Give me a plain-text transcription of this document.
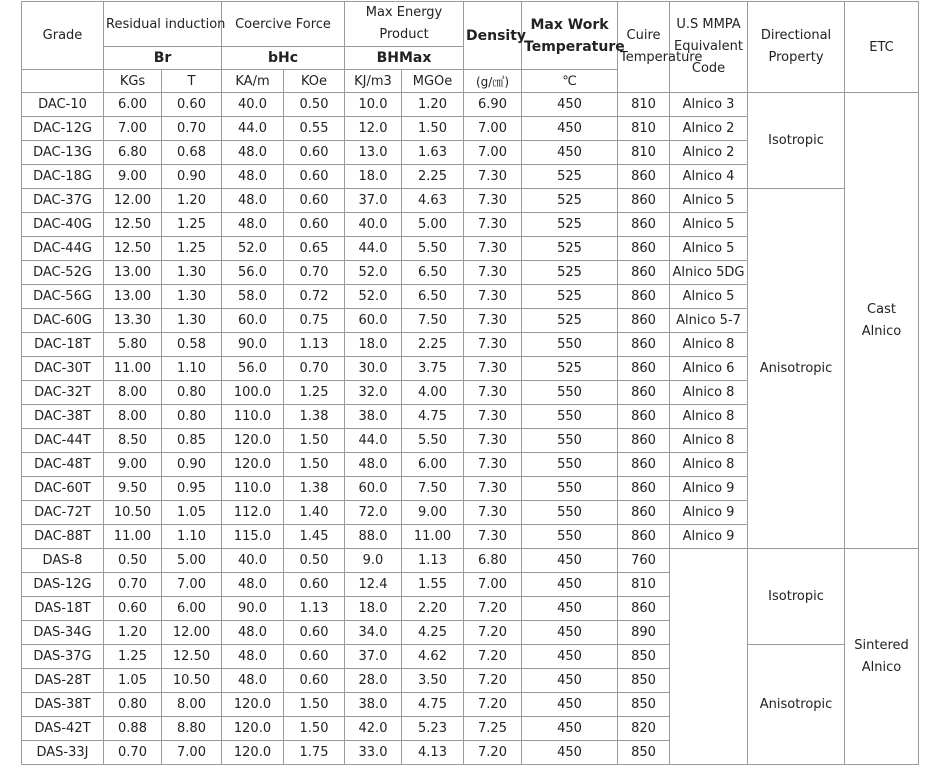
Grade	Residual induction		Coercive Force		Max Energy Product		Density	Max Work Temperature	Cuire Temperature	U.S MMPA Equivalent Code	Directional Property	ETC
	Br		bHc		BHMax							
	KGs	T	KA/m	KOe	KJ/m3	MGOe	(g/㎤)	℃				
DAC-10	6.00	0.60	40.0	0.50	10.0	1.20	6.90	450	810	Alnico 3	Isotropic	Cast Alnico
DAC-12G	7.00	0.70	44.0	0.55	12.0	1.50	7.00	450	810	Alnico 2		
DAC-13G	6.80	0.68	48.0	0.60	13.0	1.63	7.00	450	810	Alnico 2		
DAC-18G	9.00	0.90	48.0	0.60	18.0	2.25	7.30	525	860	Alnico 4		
DAC-37G	12.00	1.20	48.0	0.60	37.0	4.63	7.30	525	860	Alnico 5	Anisotropic	
DAC-40G	12.50	1.25	48.0	0.60	40.0	5.00	7.30	525	860	Alnico 5		
DAC-44G	12.50	1.25	52.0	0.65	44.0	5.50	7.30	525	860	Alnico 5		
DAC-52G	13.00	1.30	56.0	0.70	52.0	6.50	7.30	525	860	Alnico 5DG		
DAC-56G	13.00	1.30	58.0	0.72	52.0	6.50	7.30	525	860	Alnico 5		
DAC-60G	13.30	1.30	60.0	0.75	60.0	7.50	7.30	525	860	Alnico 5-7		
DAC-18T	5.80	0.58	90.0	1.13	18.0	2.25	7.30	550	860	Alnico 8		
DAC-30T	11.00	1.10	56.0	0.70	30.0	3.75	7.30	525	860	Alnico 6		
DAC-32T	8.00	0.80	100.0	1.25	32.0	4.00	7.30	550	860	Alnico 8		
DAC-38T	8.00	0.80	110.0	1.38	38.0	4.75	7.30	550	860	Alnico 8		
DAC-44T	8.50	0.85	120.0	1.50	44.0	5.50	7.30	550	860	Alnico 8		
DAC-48T	9.00	0.90	120.0	1.50	48.0	6.00	7.30	550	860	Alnico 8		
DAC-60T	9.50	0.95	110.0	1.38	60.0	7.50	7.30	550	860	Alnico 9		
DAC-72T	10.50	1.05	112.0	1.40	72.0	9.00	7.30	550	860	Alnico 9		
DAC-88T	11.00	1.10	115.0	1.45	88.0	11.00	7.30	550	860	Alnico 9		
DAS-8	0.50	5.00	40.0	0.50	9.0	1.13	6.80	450	760		Isotropic	Sintered Alnico
DAS-12G	0.70	7.00	48.0	0.60	12.4	1.55	7.00	450	810			
DAS-18T	0.60	6.00	90.0	1.13	18.0	2.20	7.20	450	860			
DAS-34G	1.20	12.00	48.0	0.60	34.0	4.25	7.20	450	890			
DAS-37G	1.25	12.50	48.0	0.60	37.0	4.62	7.20	450	850		Anisotropic	
DAS-28T	1.05	10.50	48.0	0.60	28.0	3.50	7.20	450	850			
DAS-38T	0.80	8.00	120.0	1.50	38.0	4.75	7.20	450	850			
DAS-42T	0.88	8.80	120.0	1.50	42.0	5.23	7.25	450	820			
DAS-33J	0.70	7.00	120.0	1.75	33.0	4.13	7.20	450	850			
